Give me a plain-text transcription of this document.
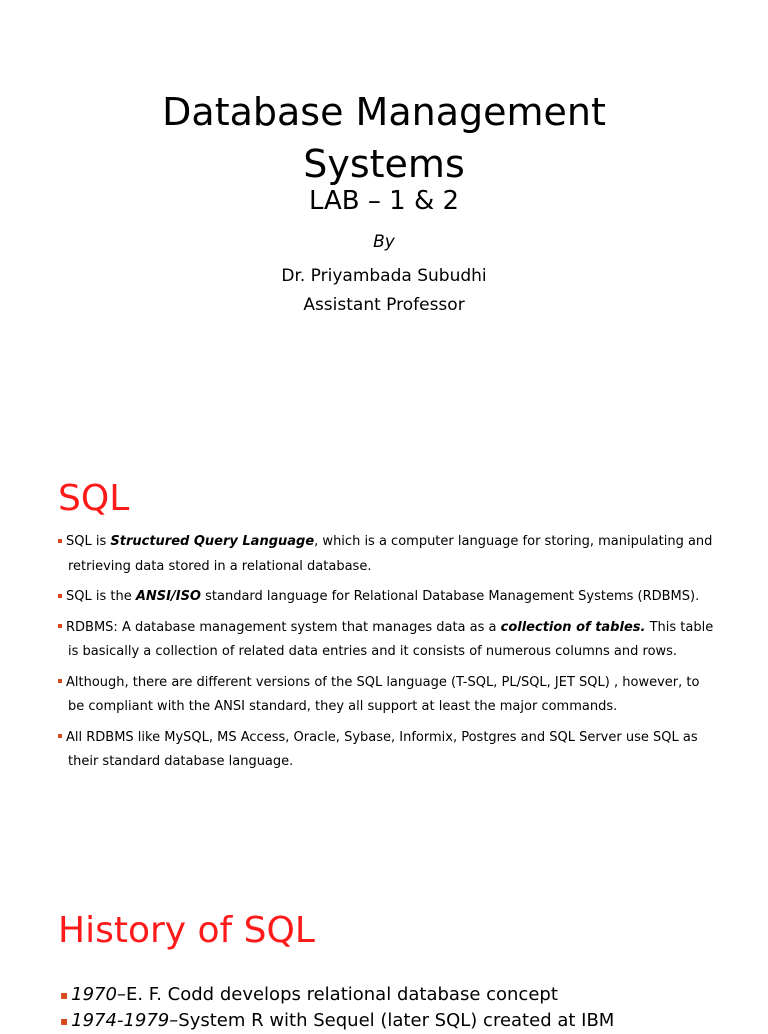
Database Management
Systems
LAB – 1 & 2
By
Dr. Priyambada Subudhi
Assistant Professor
SQL
SQL is Structured Query Language, which is a computer language for storing, manipulating and retrieving data stored in a relational database.
SQL is the ANSI/ISO standard language for Relational Database Management Systems (RDBMS).
RDBMS: A database management system that manages data as a collection of tables. This table is basically a collection of related data entries and it consists of numerous columns and rows.
Although, there are different versions of the SQL language (T-SQL, PL/SQL, JET SQL) , however, to be compliant with the ANSI standard, they all support at least the major commands.
All RDBMS like MySQL, MS Access, Oracle, Sybase, Informix, Postgres and SQL Server use SQL as their standard database language.
History of SQL
▪ 1970–E. F. Codd develops relational database concept
▪ 1974-1979–System R with Sequel (later SQL) created at IBM
